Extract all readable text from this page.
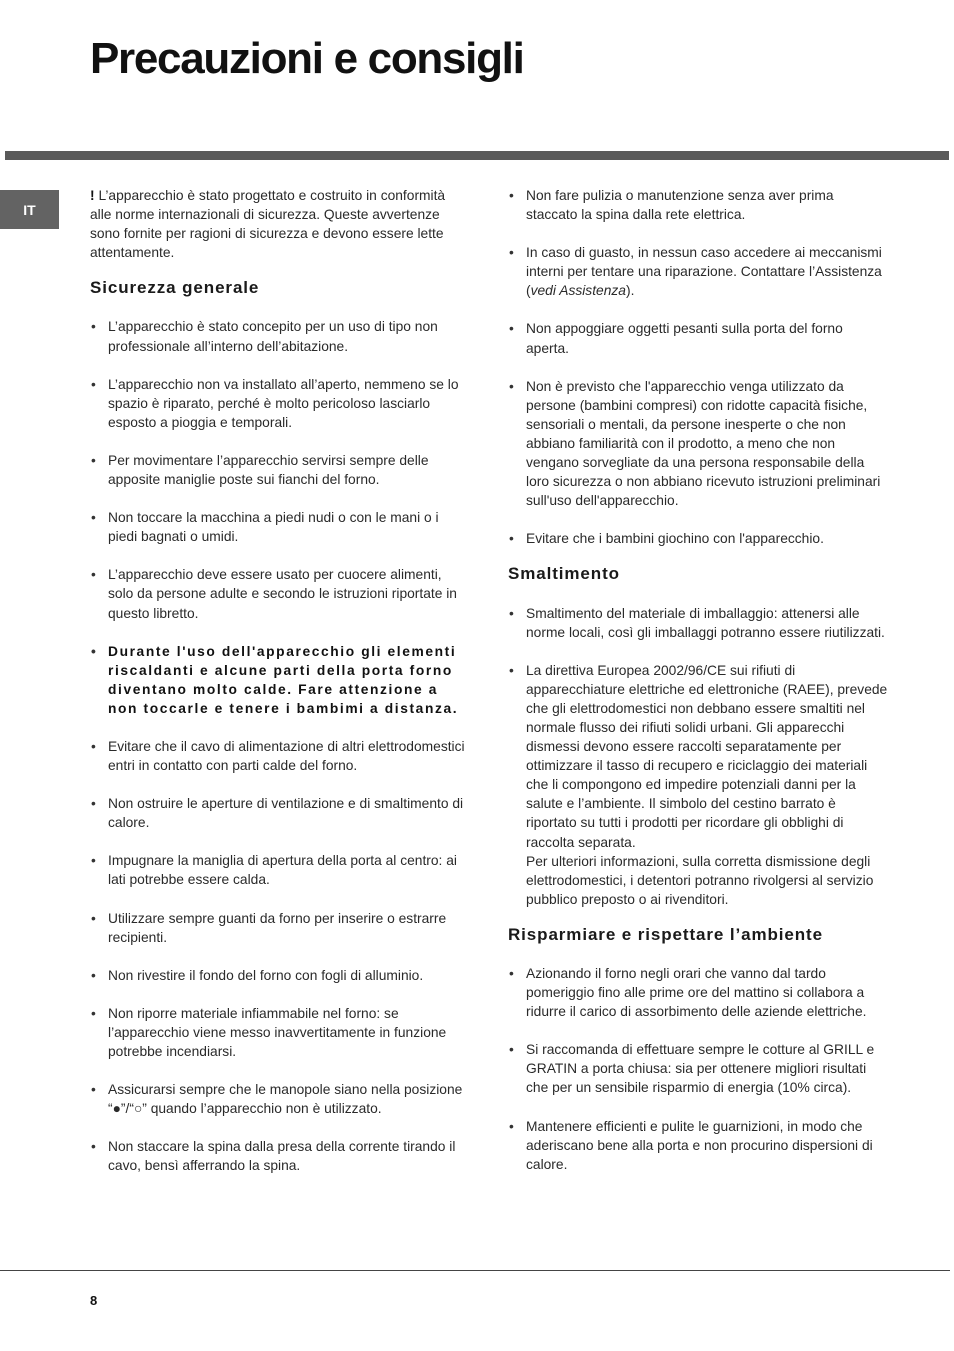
Precauzioni e consigli
IT

! L’apparecchio è stato progettato e costruito in conformità alle norme internazionali di sicurezza. Queste avvertenze sono fornite per ragioni di sicurezza e devono essere lette attentamente.

Sicurezza generale
• L’apparecchio è stato concepito per un uso di tipo non professionale all’interno dell’abitazione.
• L’apparecchio non va installato all’aperto, nemmeno se lo spazio è riparato, perché è molto pericoloso lasciarlo esposto a pioggia e temporali.
• Per movimentare l’apparecchio servirsi sempre delle apposite maniglie poste sui fianchi del forno.
• Non toccare la macchina a piedi nudi o con le mani o i piedi bagnati o umidi.
• L’apparecchio deve essere usato per cuocere alimenti, solo da persone adulte e secondo le istruzioni riportate in questo libretto.
• Durante l'uso dell'apparecchio gli elementi riscaldanti e alcune parti della porta forno diventano molto calde. Fare attenzione a non toccarle e tenere i bambimi a distanza.
• Evitare che il cavo di alimentazione di altri elettrodomestici entri in contatto con parti calde del forno.
• Non ostruire le aperture di ventilazione e di smaltimento di calore.
• Impugnare la maniglia di apertura della porta al centro: ai lati potrebbe essere calda.
• Utilizzare sempre guanti da forno per inserire o estrarre recipienti.
• Non rivestire il fondo del forno con fogli di alluminio.
• Non riporre materiale infiammabile nel forno: se l’apparecchio viene messo inavvertitamente in funzione potrebbe incendiarsi.
• Assicurarsi sempre che le manopole siano nella posizione “●”/“○” quando l’apparecchio non è utilizzato.
• Non staccare la spina dalla presa della corrente tirando il cavo, bensì afferrando la spina.
• Non fare pulizia o manutenzione senza aver prima staccato la spina dalla rete elettrica.
• In caso di guasto, in nessun caso accedere ai meccanismi interni per tentare una riparazione. Contattare l’Assistenza (vedi Assistenza).
• Non appoggiare oggetti pesanti sulla porta del forno aperta.
• Non è previsto che l'apparecchio venga utilizzato da persone (bambini compresi) con ridotte capacità fisiche, sensoriali o mentali, da persone inesperte o che non abbiano familiarità con il prodotto, a meno che non vengano sorvegliate da una persona responsabile della loro sicurezza o non abbiano ricevuto istruzioni preliminari sull'uso dell'apparecchio.
• Evitare che i bambini giochino con l'apparecchio.
Smaltimento
• Smaltimento del materiale di imballaggio: attenersi alle norme locali, così gli imballaggi potranno essere riutilizzati.
• La direttiva Europea 2002/96/CE sui rifiuti di apparecchiature elettriche ed elettroniche (RAEE), prevede che gli elettrodomestici non debbano essere smaltiti nel normale flusso dei rifiuti solidi urbani. Gli apparecchi dismessi devono essere raccolti separatamente per ottimizzare il tasso di recupero e riciclaggio dei materiali che li compongono ed impedire potenziali danni per la salute e l’ambiente. Il simbolo del cestino barrato è riportato su tutti i prodotti per ricordare gli obblighi di raccolta separata.
Per ulteriori informazioni, sulla corretta dismissione degli elettrodomestici, i detentori potranno rivolgersi al servizio pubblico preposto o ai rivenditori.
Risparmiare e rispettare l’ambiente
• Azionando il forno negli orari che vanno dal tardo pomeriggio fino alle prime ore del mattino si collabora a ridurre il carico di assorbimento delle aziende elettriche.
• Si raccomanda di effettuare sempre le cotture al GRILL e GRATIN a porta chiusa: sia per ottenere migliori risultati che per un sensibile risparmio di energia (10% circa).
• Mantenere efficienti e pulite le guarnizioni, in modo che aderiscano bene alla porta e non procurino dispersioni di calore.
8
